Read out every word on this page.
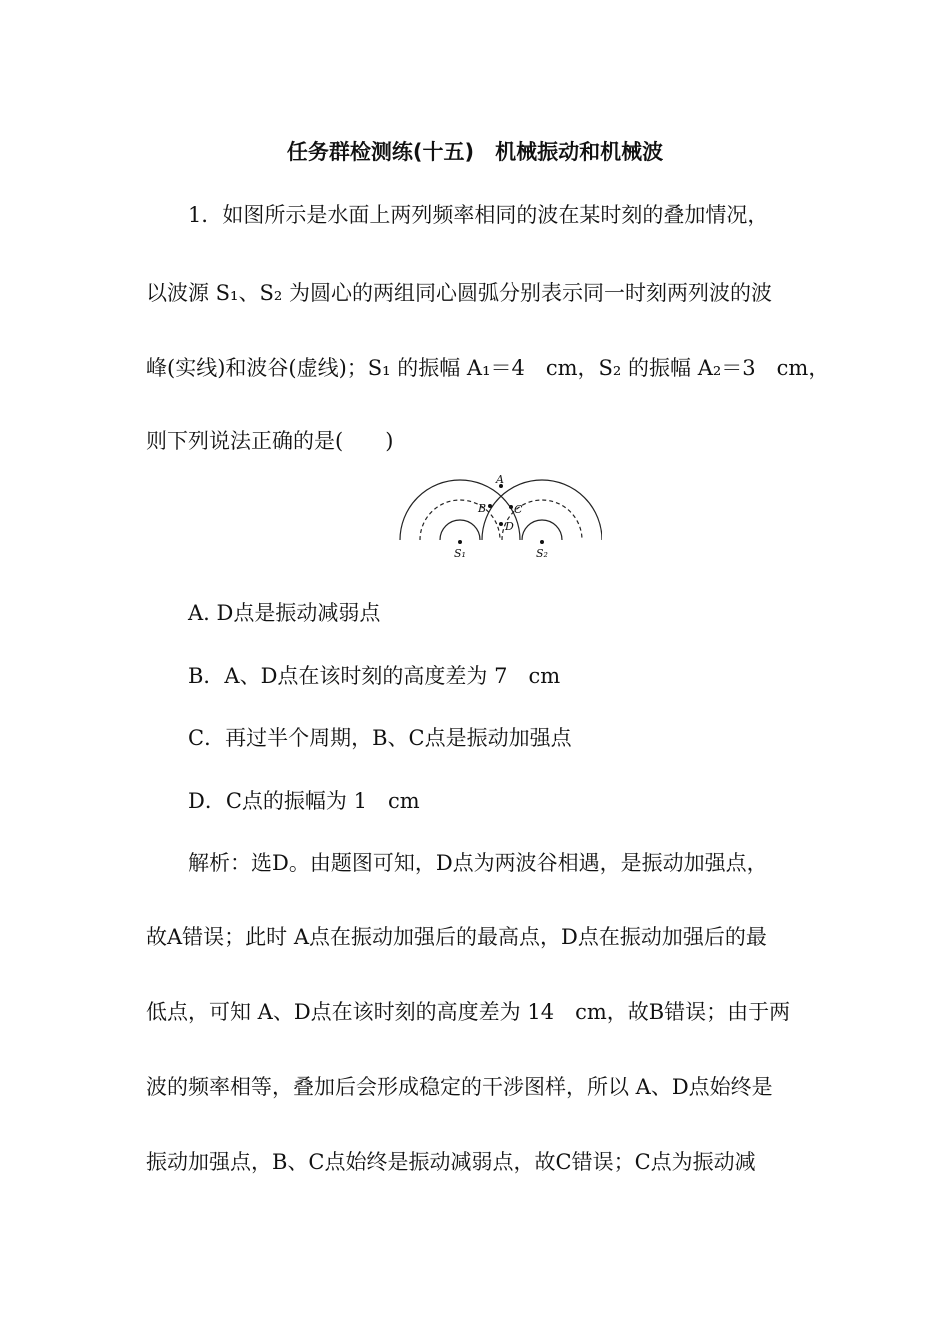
任务群检测练(十五)　机械振动和机械波
1．如图所示是水面上两列频率相同的波在某时刻的叠加情况，
以波源 S₁、S₂ 为圆心的两组同心圆弧分别表示同一时刻两列波的波
峰(实线)和波谷(虚线)；S₁ 的振幅 A₁＝4　cm，S₂ 的振幅 A₂＝3　cm，
则下列说法正确的是(　　)
A
B	C
D
S₁	S₂
A. D点是振动减弱点
B．A、D点在该时刻的高度差为 7　cm
C．再过半个周期，B、C点是振动加强点
D．C点的振幅为 1　cm
解析：选D。由题图可知，D点为两波谷相遇，是振动加强点，
故A错误；此时 A点在振动加强后的最高点，D点在振动加强后的最
低点，可知 A、D点在该时刻的高度差为 14　cm，故B错误；由于两
波的频率相等，叠加后会形成稳定的干涉图样，所以 A、D点始终是
振动加强点，B、C点始终是振动减弱点，故C错误；C点为振动减
